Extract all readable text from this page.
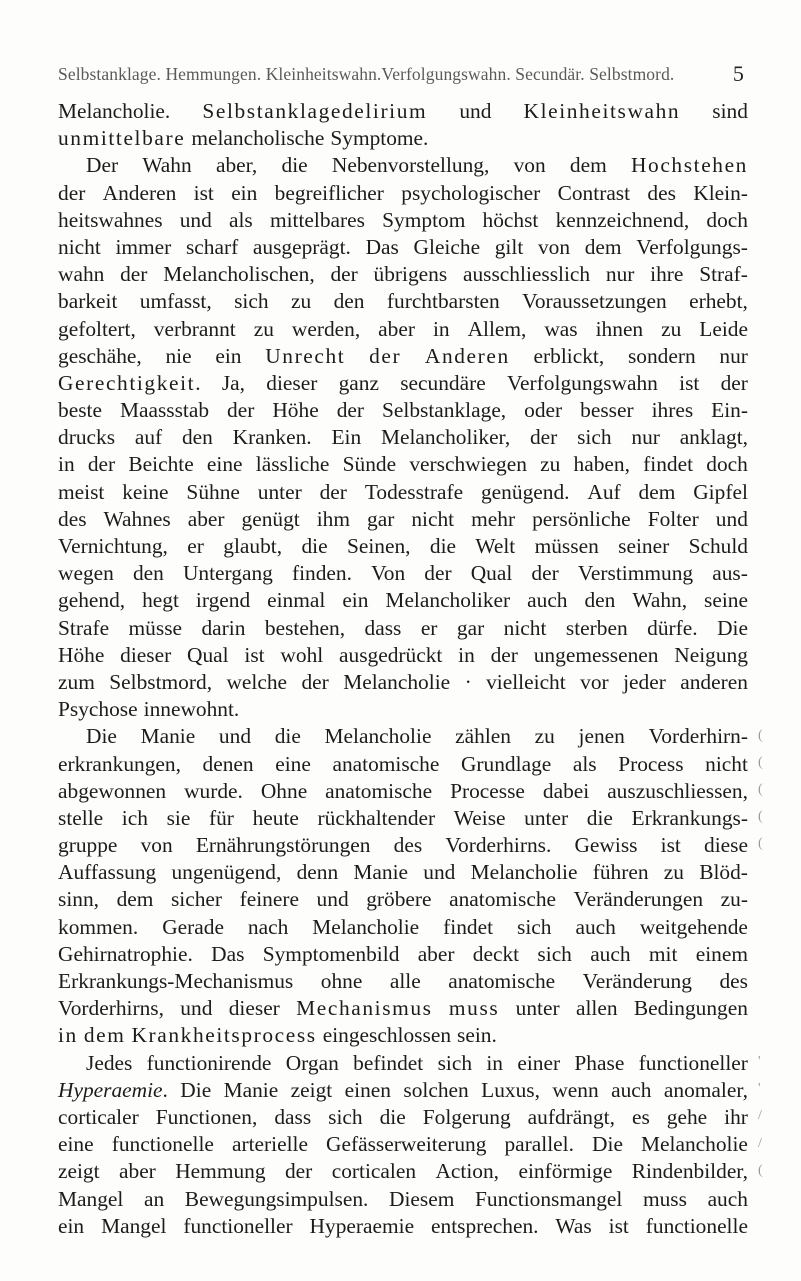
Selbstanklage. Hemmungen. Kleinheitswahn.Verfolgungswahn. Secundär. Selbstmord.	5
Melancholie. Selbstanklagedelirium und Kleinheitswahn sind
unmittelbare melancholische Symptome.
Der Wahn aber, die Nebenvorstellung, von dem Hochstehen
der Anderen ist ein begreiflicher psychologischer Contrast des Klein-
heitswahnes und als mittelbares Symptom höchst kennzeichnend, doch
nicht immer scharf ausgeprägt. Das Gleiche gilt von dem Verfolgungs-
wahn der Melancholischen, der übrigens ausschliesslich nur ihre Straf-
barkeit umfasst, sich zu den furchtbarsten Voraussetzungen erhebt,
gefoltert, verbrannt zu werden, aber in Allem, was ihnen zu Leide
geschähe, nie ein Unrecht der Anderen erblickt, sondern nur
Gerechtigkeit. Ja, dieser ganz secundäre Verfolgungswahn ist der
beste Maassstab der Höhe der Selbstanklage, oder besser ihres Ein-
drucks auf den Kranken. Ein Melancholiker, der sich nur anklagt,
in der Beichte eine lässliche Sünde verschwiegen zu haben, findet doch
meist keine Sühne unter der Todesstrafe genügend. Auf dem Gipfel
des Wahnes aber genügt ihm gar nicht mehr persönliche Folter und
Vernichtung, er glaubt, die Seinen, die Welt müssen seiner Schuld
wegen den Untergang finden. Von der Qual der Verstimmung aus-
gehend, hegt irgend einmal ein Melancholiker auch den Wahn, seine
Strafe müsse darin bestehen, dass er gar nicht sterben dürfe. Die
Höhe dieser Qual ist wohl ausgedrückt in der ungemessenen Neigung
zum Selbstmord, welche der Melancholie · vielleicht vor jeder anderen
Psychose innewohnt.
Die Manie und die Melancholie zählen zu jenen Vorderhirn-
erkrankungen, denen eine anatomische Grundlage als Process nicht
abgewonnen wurde. Ohne anatomische Processe dabei auszuschliessen,
stelle ich sie für heute rückhaltender Weise unter die Erkrankungs-
gruppe von Ernährungstörungen des Vorderhirns. Gewiss ist diese
Auffassung ungenügend, denn Manie und Melancholie führen zu Blöd-
sinn, dem sicher feinere und gröbere anatomische Veränderungen zu-
kommen. Gerade nach Melancholie findet sich auch weitgehende
Gehirnatrophie. Das Symptomenbild aber deckt sich auch mit einem
Erkrankungs-Mechanismus ohne alle anatomische Veränderung des
Vorderhirns, und dieser Mechanismus muss unter allen Bedingungen
in dem Krankheitsprocess eingeschlossen sein.
Jedes functionirende Organ befindet sich in einer Phase functioneller
Hyperaemie. Die Manie zeigt einen solchen Luxus, wenn auch anomaler,
corticaler Functionen, dass sich die Folgerung aufdrängt, es gehe ihr
eine functionelle arterielle Gefässerweiterung parallel. Die Melancholie
zeigt aber Hemmung der corticalen Action, einförmige Rindenbilder,
Mangel an Bewegungsimpulsen. Diesem Functionsmangel muss auch
ein Mangel functioneller Hyperaemie entsprechen. Was ist functionelle
(
(
(
(
(
'
'
/
/
(
